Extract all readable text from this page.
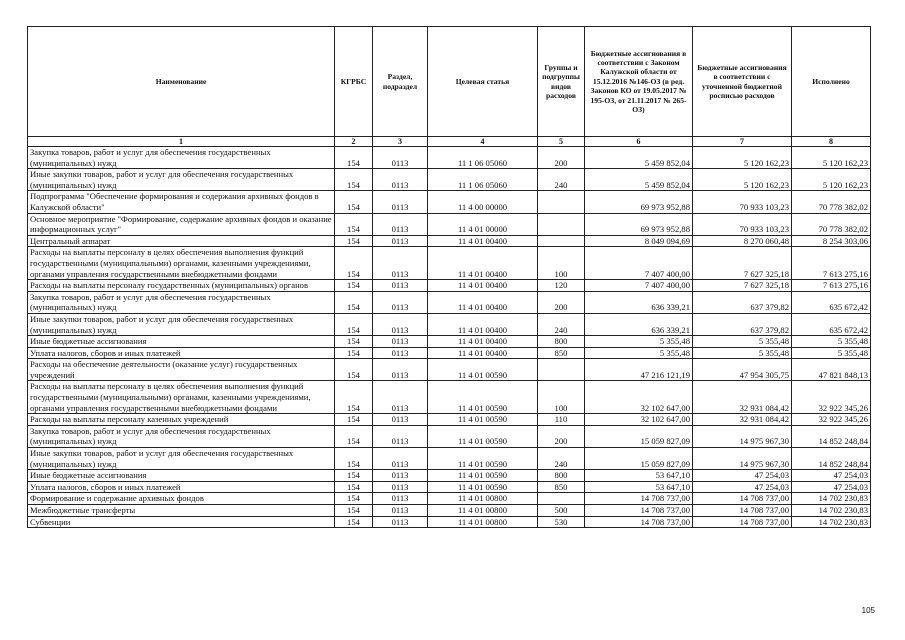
Наименование	КГРБС	Раздел, подраздел	Целевая статья	Группы и подгруппы видов расходов	Бюджетные ассигнования в соответствии с Законом Калужской области от 15.12.2016 №146-ОЗ (в ред. Законов КО от 19.05.2017 № 195-ОЗ, от 21.11.2017 № 265-ОЗ)	Бюджетные ассигнования в соответствии с уточненной бюджетной росписью расходов	Исполнено
1	2	3	4	5	6	7	8
Закупка товаров, работ и услуг для обеспечения государственных (муниципальных) нужд	154	0113	11 1 06 05060	200	5 459 852,04	5 120 162,23	5 120 162,23
Иные закупки товаров, работ и услуг для обеспечения государственных (муниципальных) нужд	154	0113	11 1 06 05060	240	5 459 852,04	5 120 162,23	5 120 162,23
Подпрограмма "Обеспечение формирования и содержания архивных фондов в Калужской области"	154	0113	11 4 00 00000		69 973 952,88	70 933 103,23	70 778 382,02
Основное мероприятие "Формирование, содержание архивных фондов и оказание информационных услуг"	154	0113	11 4 01 00000		69 973 952,88	70 933 103,23	70 778 382,02
Центральный аппарат	154	0113	11 4 01 00400		8 049 094,69	8 270 060,48	8 254 303,06
Расходы на выплаты персоналу в целях обеспечения выполнения функций государственными (муниципальными) органами, казенными учреждениями, органами управления государственными внебюджетными фондами	154	0113	11 4 01 00400	100	7 407 400,00	7 627 325,18	7 613 275,16
Расходы на выплаты персоналу государственных (муниципальных) органов	154	0113	11 4 01 00400	120	7 407 400,00	7 627 325,18	7 613 275,16
Закупка товаров, работ и услуг для обеспечения государственных (муниципальных) нужд	154	0113	11 4 01 00400	200	636 339,21	637 379,82	635 672,42
Иные закупки товаров, работ и услуг для обеспечения государственных (муниципальных) нужд	154	0113	11 4 01 00400	240	636 339,21	637 379,82	635 672,42
Иные бюджетные ассигнования	154	0113	11 4 01 00400	800	5 355,48	5 355,48	5 355,48
Уплата налогов, сборов и иных платежей	154	0113	11 4 01 00400	850	5 355,48	5 355,48	5 355,48
Расходы на обеспечение деятельности (оказание услуг) государственных учреждений	154	0113	11 4 01 00590		47 216 121,19	47 954 305,75	47 821 848,13
Расходы на выплаты персоналу в целях обеспечения выполнения функций государственными (муниципальными) органами, казенными учреждениями, органами управления государственными внебюджетными фондами	154	0113	11 4 01 00590	100	32 102 647,00	32 931 084,42	32 922 345,26
Расходы на выплаты персоналу казенных учреждений	154	0113	11 4 01 00590	110	32 102 647,00	32 931 084,42	32 922 345,26
Закупка товаров, работ и услуг для обеспечения государственных (муниципальных) нужд	154	0113	11 4 01 00590	200	15 059 827,09	14 975 967,30	14 852 248,84
Иные закупки товаров, работ и услуг для обеспечения государственных (муниципальных) нужд	154	0113	11 4 01 00590	240	15 059 827,09	14 975 967,30	14 852 248,84
Иные бюджетные ассигнования	154	0113	11 4 01 00590	800	53 647,10	47 254,03	47 254,03
Уплата налогов, сборов и иных платежей	154	0113	11 4 01 00590	850	53 647,10	47 254,03	47 254,03
Формирование и содержание архивных фондов	154	0113	11 4 01 00800		14 708 737,00	14 708 737,00	14 702 230,83
Межбюджетные трансферты	154	0113	11 4 01 00800	500	14 708 737,00	14 708 737,00	14 702 230,83
Субвенции	154	0113	11 4 01 00800	530	14 708 737,00	14 708 737,00	14 702 230,83
105
